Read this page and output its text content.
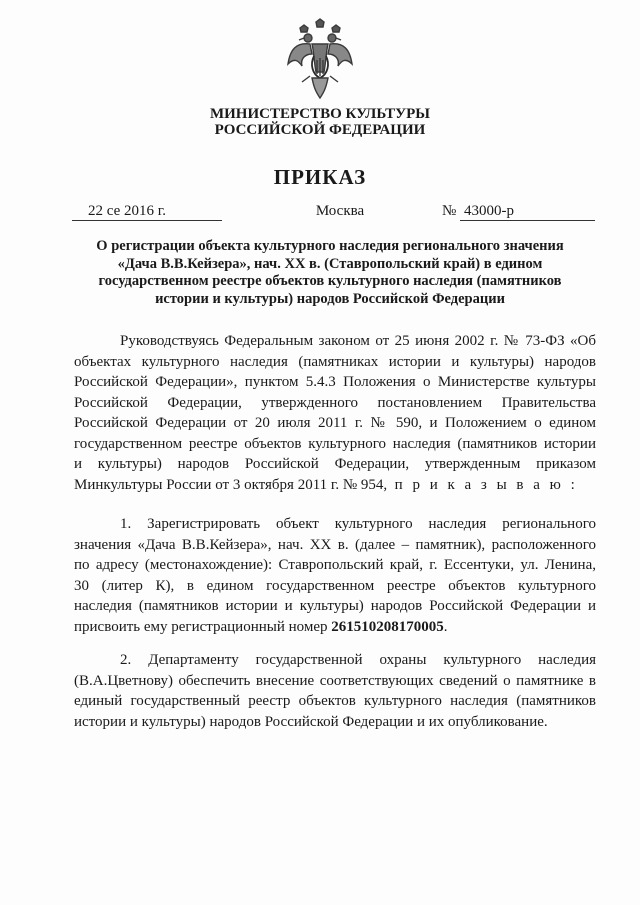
МИНИСТЕРСТВО КУЛЬТУРЫ
РОССИЙСКОЙ ФЕДЕРАЦИИ
ПРИКАЗ
22 се 2016 г.	Москва	№ 43000-р
О регистрации объекта культурного наследия регионального значения
«Дача В.В.Кейзера», нач. XX в. (Ставропольский край) в едином
государственном реестре объектов культурного наследия (памятников
истории и культуры) народов Российской Федерации
Руководствуясь Федеральным законом от 25 июня 2002 г. № 73-ФЗ «Об
объектах культурного наследия (памятниках истории и культуры) народов
Российской Федерации», пунктом 5.4.3 Положения о Министерстве культуры
Российской Федерации, утвержденного постановлением Правительства
Российской Федерации от 20 июля 2011 г. № 590, и Положением о едином
государственном реестре объектов культурного наследия (памятников истории
и культуры) народов Российской Федерации, утвержденным приказом
Минкультуры России от 3 октября 2011 г. № 954, п р и к а з ы в а ю :
1. Зарегистрировать объект культурного наследия регионального
значения «Дача В.В.Кейзера», нач. XX в. (далее – памятник), расположенного
по адресу (местонахождение): Ставропольский край, г. Ессентуки, ул. Ленина,
30 (литер К), в едином государственном реестре объектов культурного
наследия (памятников истории и культуры) народов Российской Федерации и
присвоить ему регистрационный номер 261510208170005.
2. Департаменту государственной охраны культурного наследия
(В.А.Цветнову) обеспечить внесение соответствующих сведений о памятнике в
единый государственный реестр объектов культурного наследия (памятников
истории и культуры) народов Российской Федерации и их опубликование.
